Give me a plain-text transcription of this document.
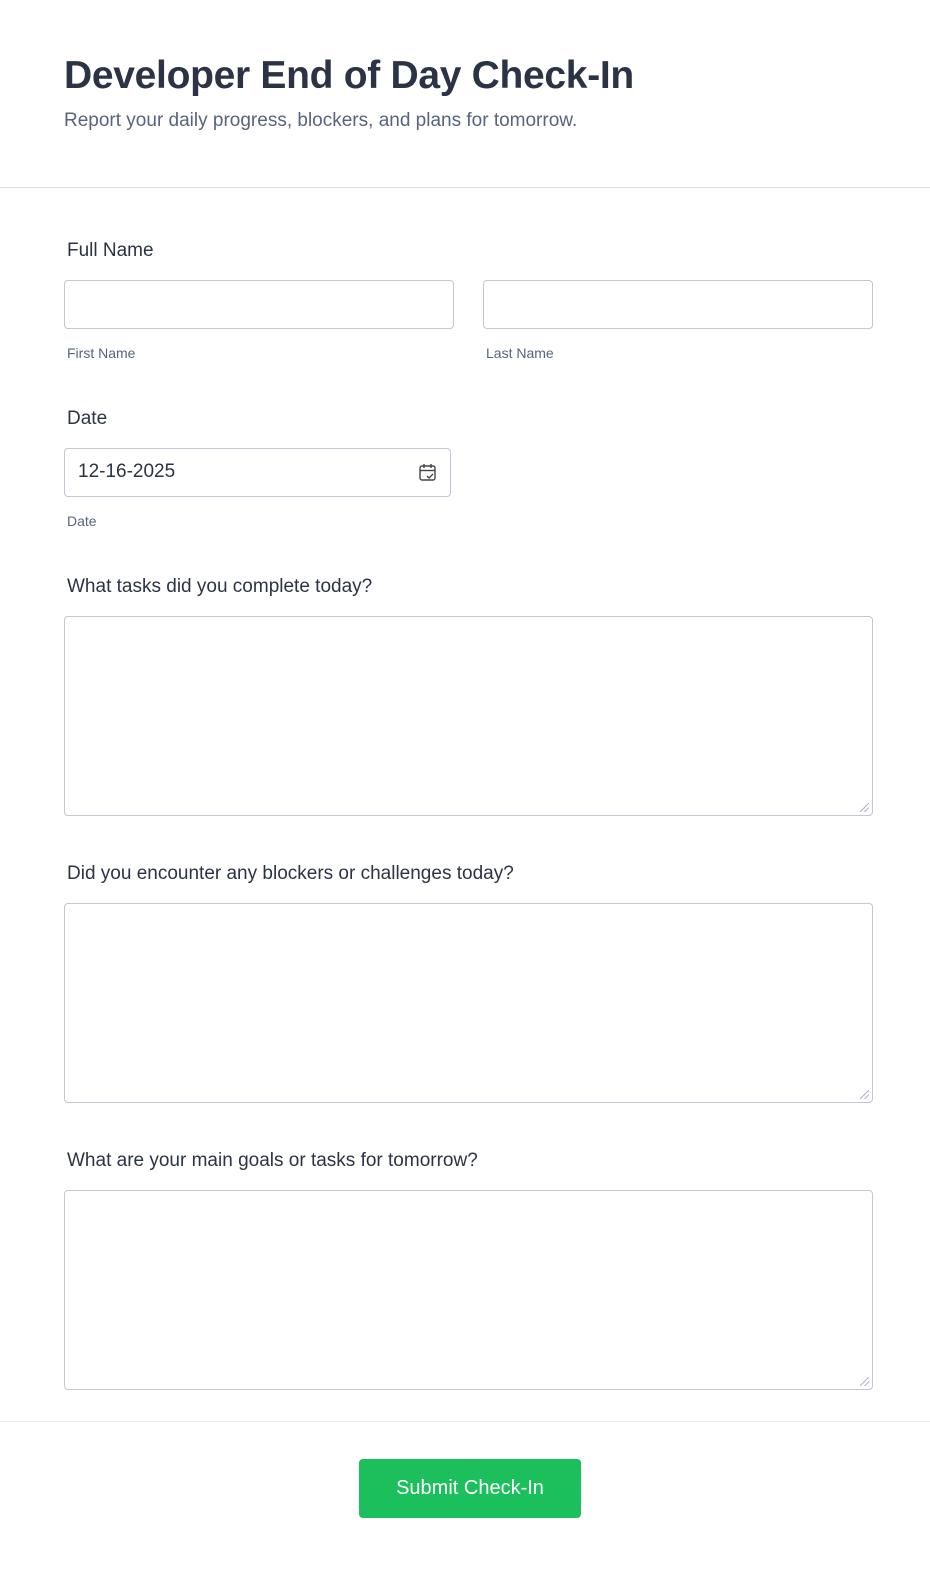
Developer End of Day Check-In
Report your daily progress, blockers, and plans for tomorrow.
Full Name
First Name	Last Name
Date
12-16-2025
Date
What tasks did you complete today?
Did you encounter any blockers or challenges today?
What are your main goals or tasks for tomorrow?
Submit Check-In
